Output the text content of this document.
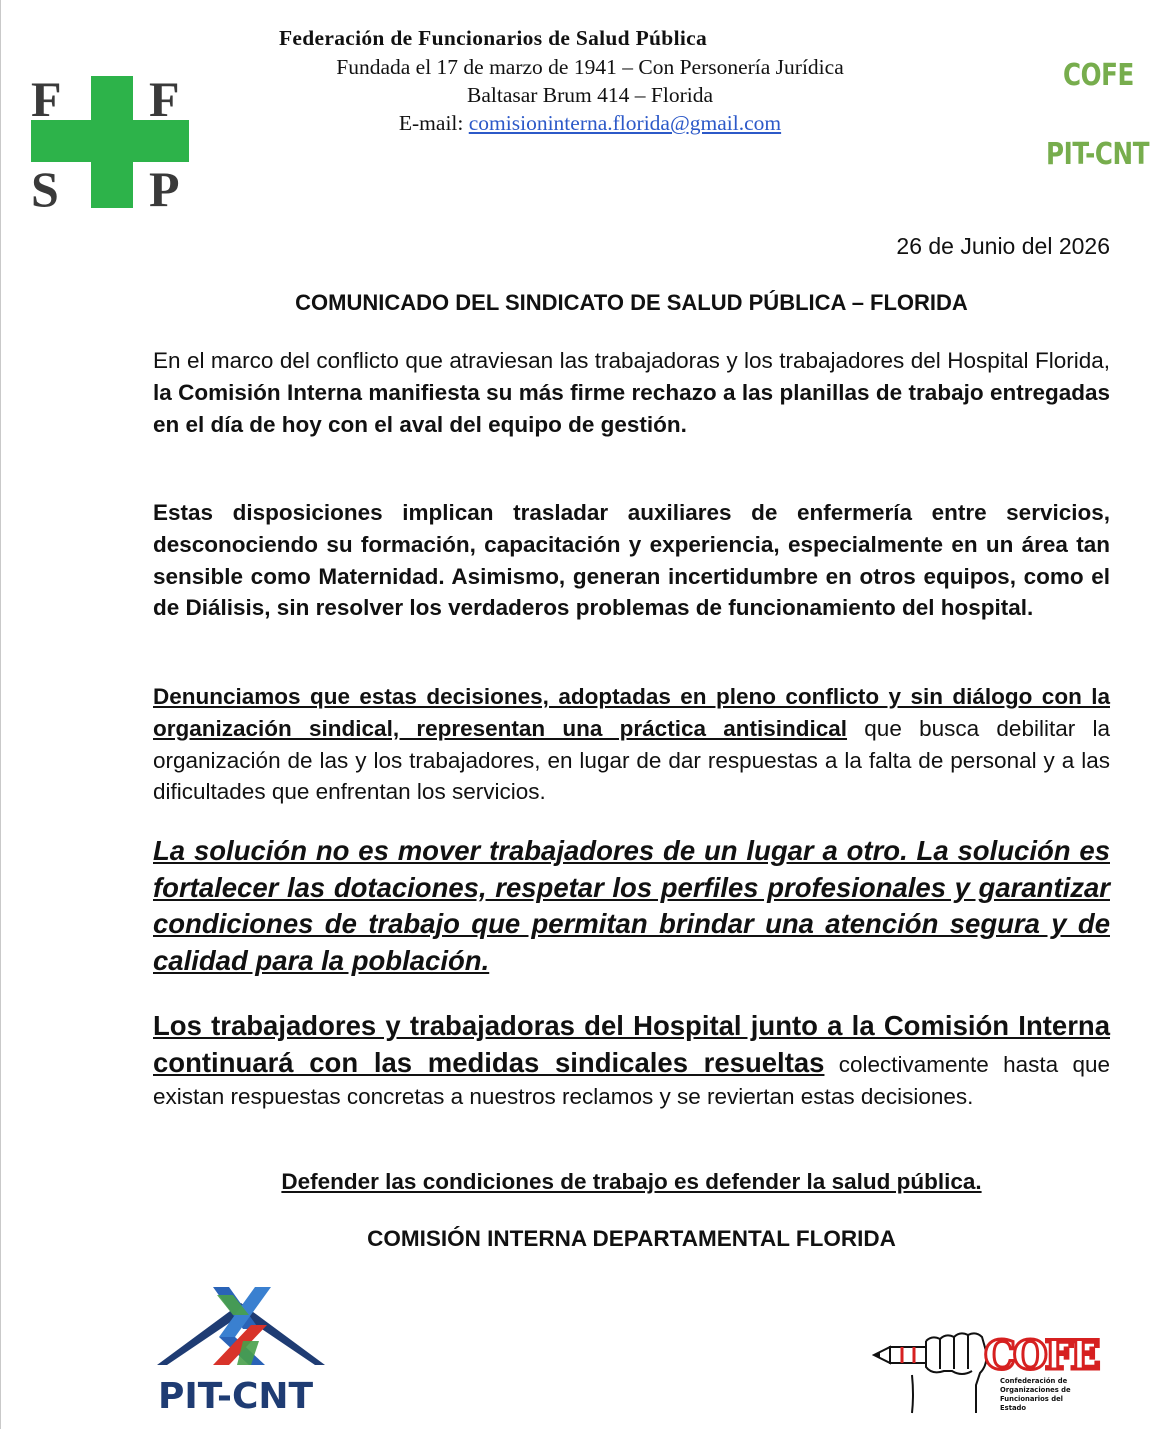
F F
S P
Federación de Funcionarios de Salud Pública
Fundada el 17 de marzo de 1941 – Con Personería Jurídica
Baltasar Brum 414 – Florida
E-mail: comisioninterna.florida@gmail.com
COFE
PIT-CNT
26 de Junio del 2026
COMUNICADO DEL SINDICATO DE SALUD PÚBLICA – FLORIDA
En el marco del conflicto que atraviesan las trabajadoras y los trabajadores del Hospital Florida, la Comisión Interna manifiesta su más firme rechazo a las planillas de trabajo entregadas en el día de hoy con el aval del equipo de gestión.
Estas disposiciones implican trasladar auxiliares de enfermería entre servicios, desconociendo su formación, capacitación y experiencia, especialmente en un área tan sensible como Maternidad. Asimismo, generan incertidumbre en otros equipos, como el de Diálisis, sin resolver los verdaderos problemas de funcionamiento del hospital.
Denunciamos que estas decisiones, adoptadas en pleno conflicto y sin diálogo con la organización sindical, representan una práctica antisindical que busca debilitar la organización de las y los trabajadores, en lugar de dar respuestas a la falta de personal y a las dificultades que enfrentan los servicios.
La solución no es mover trabajadores de un lugar a otro. La solución es fortalecer las dotaciones, respetar los perfiles profesionales y garantizar condiciones de trabajo que permitan brindar una atención segura y de calidad para la población.
Los trabajadores y trabajadoras del Hospital junto a la Comisión Interna continuará con las medidas sindicales resueltas colectivamente hasta que existan respuestas concretas a nuestros reclamos y se reviertan estas decisiones.
Defender las condiciones de trabajo es defender la salud pública.
COMISIÓN INTERNA DEPARTAMENTAL FLORIDA
PIT-CNT
COFE
Confederación de
Organizaciones de
Funcionarios del
Estado
